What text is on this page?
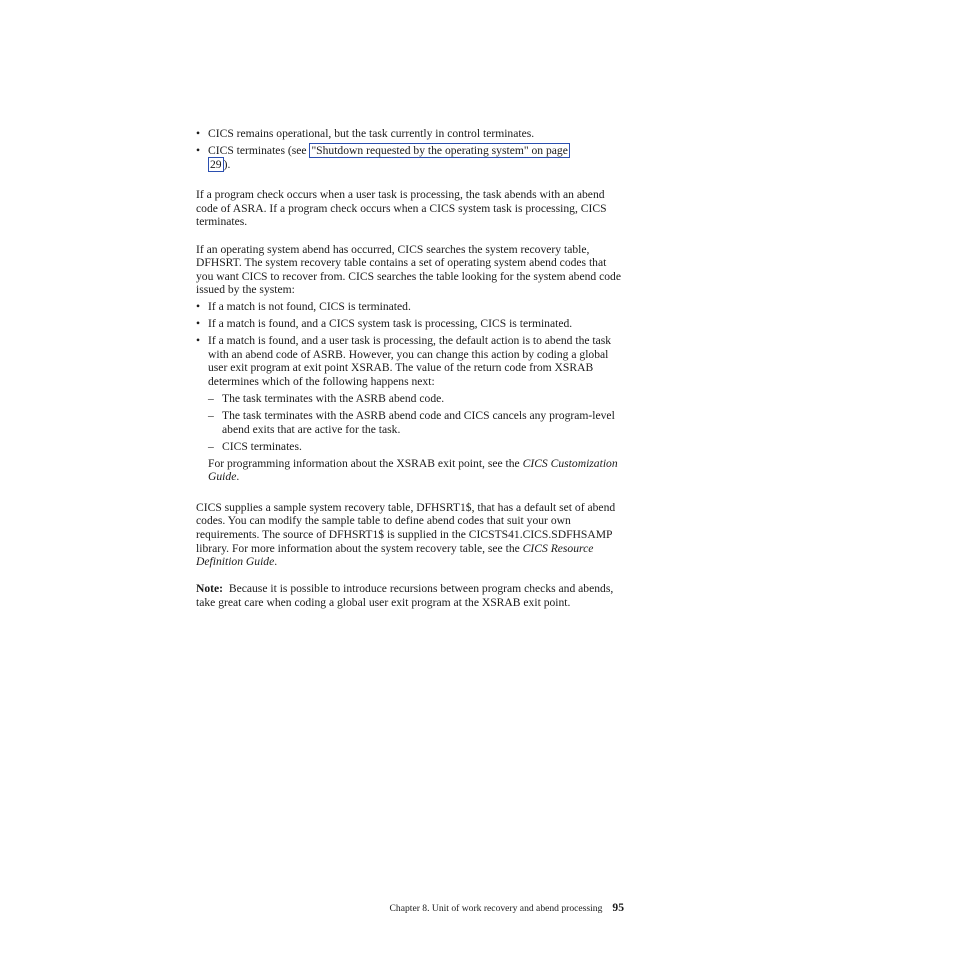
• CICS remains operational, but the task currently in control terminates.
• CICS terminates (see "Shutdown requested by the operating system" on page
29 ).

If a program check occurs when a user task is processing, the task abends with an abend code of ASRA. If a program check occurs when a CICS system task is processing, CICS terminates.

If an operating system abend has occurred, CICS searches the system recovery table, DFHSRT. The system recovery table contains a set of operating system abend codes that you want CICS to recover from. CICS searches the table looking for the system abend code issued by the system:

• If a match is not found, CICS is terminated.
• If a match is found, and a CICS system task is processing, CICS is terminated.
• If a match is found, and a user task is processing, the default action is to abend the task with an abend code of ASRB. However, you can change this action by coding a global user exit program at exit point XSRAB. The value of the return code from XSRAB determines which of the following happens next:
– The task terminates with the ASRB abend code.
– The task terminates with the ASRB abend code and CICS cancels any program-level abend exits that are active for the task.
– CICS terminates.

For programming information about the XSRAB exit point, see the CICS Customization Guide.

CICS supplies a sample system recovery table, DFHSRT1$, that has a default set of abend codes. You can modify the sample table to define abend codes that suit your own requirements. The source of DFHSRT1$ is supplied in the CICSTS41.CICS.SDFHSAMP library. For more information about the system recovery table, see the CICS Resource Definition Guide.

Note: Because it is possible to introduce recursions between program checks and abends, take great care when coding a global user exit program at the XSRAB exit point.

Chapter 8. Unit of work recovery and abend processing 95
